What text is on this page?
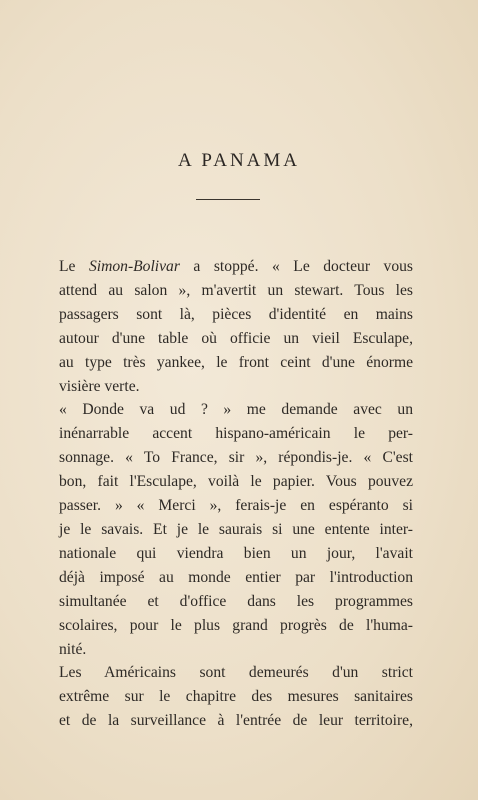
A PANAMA

Le Simon-Bolivar a stoppé. « Le docteur vous
attend au salon », m'avertit un stewart. Tous les
passagers sont là, pièces d'identité en mains
autour d'une table où officie un vieil Esculape,
au type très yankee, le front ceint d'une énorme
visière verte.

« Donde va ud ? » me demande avec un
inénarrable accent hispano-américain le per-
sonnage. « To France, sir », répondis-je. « C'est
bon, fait l'Esculape, voilà le papier. Vous pouvez
passer. » « Merci », ferais-je en espéranto si
je le savais. Et je le saurais si une entente inter-
nationale qui viendra bien un jour, l'avait
déjà imposé au monde entier par l'introduction
simultanée et d'office dans les programmes
scolaires, pour le plus grand progrès de l'huma-
nité.

Les Américains sont demeurés d'un strict
extrême sur le chapitre des mesures sanitaires
et de la surveillance à l'entrée de leur territoire,
